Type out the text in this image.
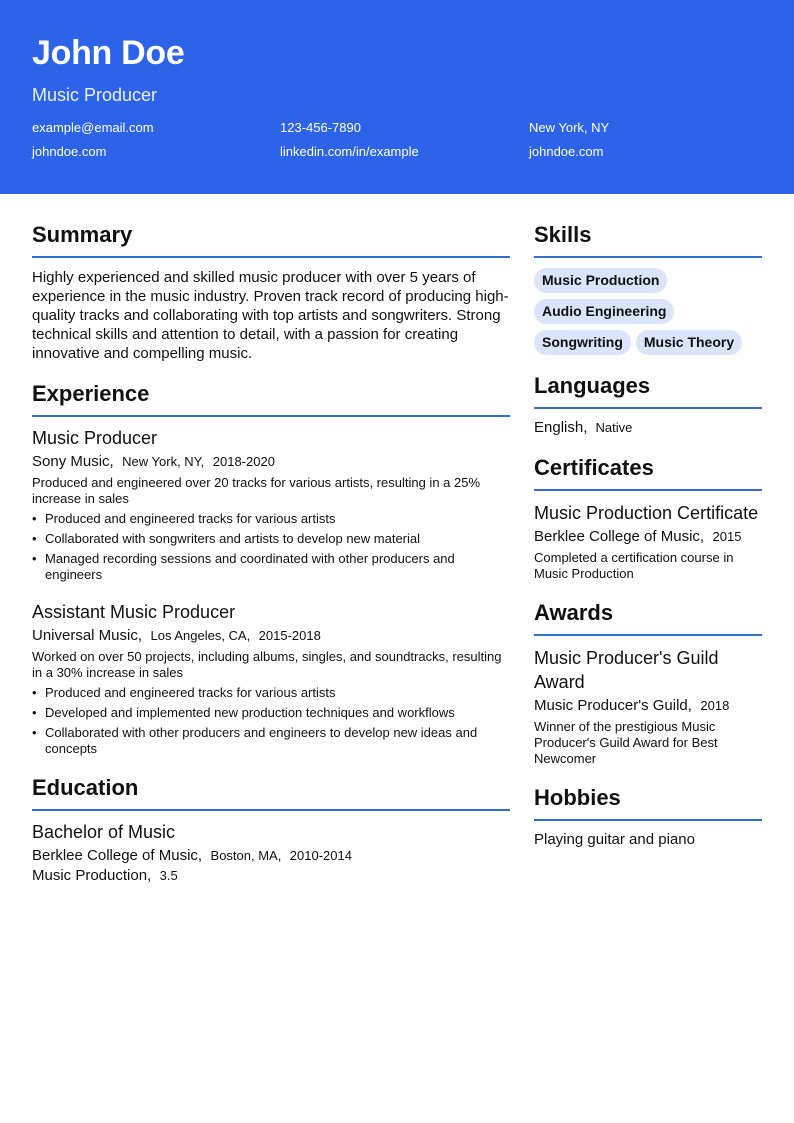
John Doe
Music Producer
example@email.com	123-456-7890	New York, NY
johndoe.com	linkedin.com/in/example	johndoe.com
Summary
Highly experienced and skilled music producer with over 5 years of experience in the music industry. Proven track record of producing high-quality tracks and collaborating with top artists and songwriters. Strong technical skills and attention to detail, with a passion for creating innovative and compelling music.
Experience
Music Producer
Sony Music, New York, NY, 2018-2020
Produced and engineered over 20 tracks for various artists, resulting in a 25% increase in sales
• Produced and engineered tracks for various artists
• Collaborated with songwriters and artists to develop new material
• Managed recording sessions and coordinated with other producers and engineers
Assistant Music Producer
Universal Music, Los Angeles, CA, 2015-2018
Worked on over 50 projects, including albums, singles, and soundtracks, resulting in a 30% increase in sales
• Produced and engineered tracks for various artists
• Developed and implemented new production techniques and workflows
• Collaborated with other producers and engineers to develop new ideas and concepts
Education
Bachelor of Music
Berklee College of Music, Boston, MA, 2010-2014
Music Production, 3.5
Skills
Music Production
Audio Engineering
Songwriting	Music Theory
Languages
English, Native
Certificates
Music Production Certificate
Berklee College of Music, 2015
Completed a certification course in Music Production
Awards
Music Producer's Guild Award
Music Producer's Guild, 2018
Winner of the prestigious Music Producer's Guild Award for Best Newcomer
Hobbies
Playing guitar and piano
